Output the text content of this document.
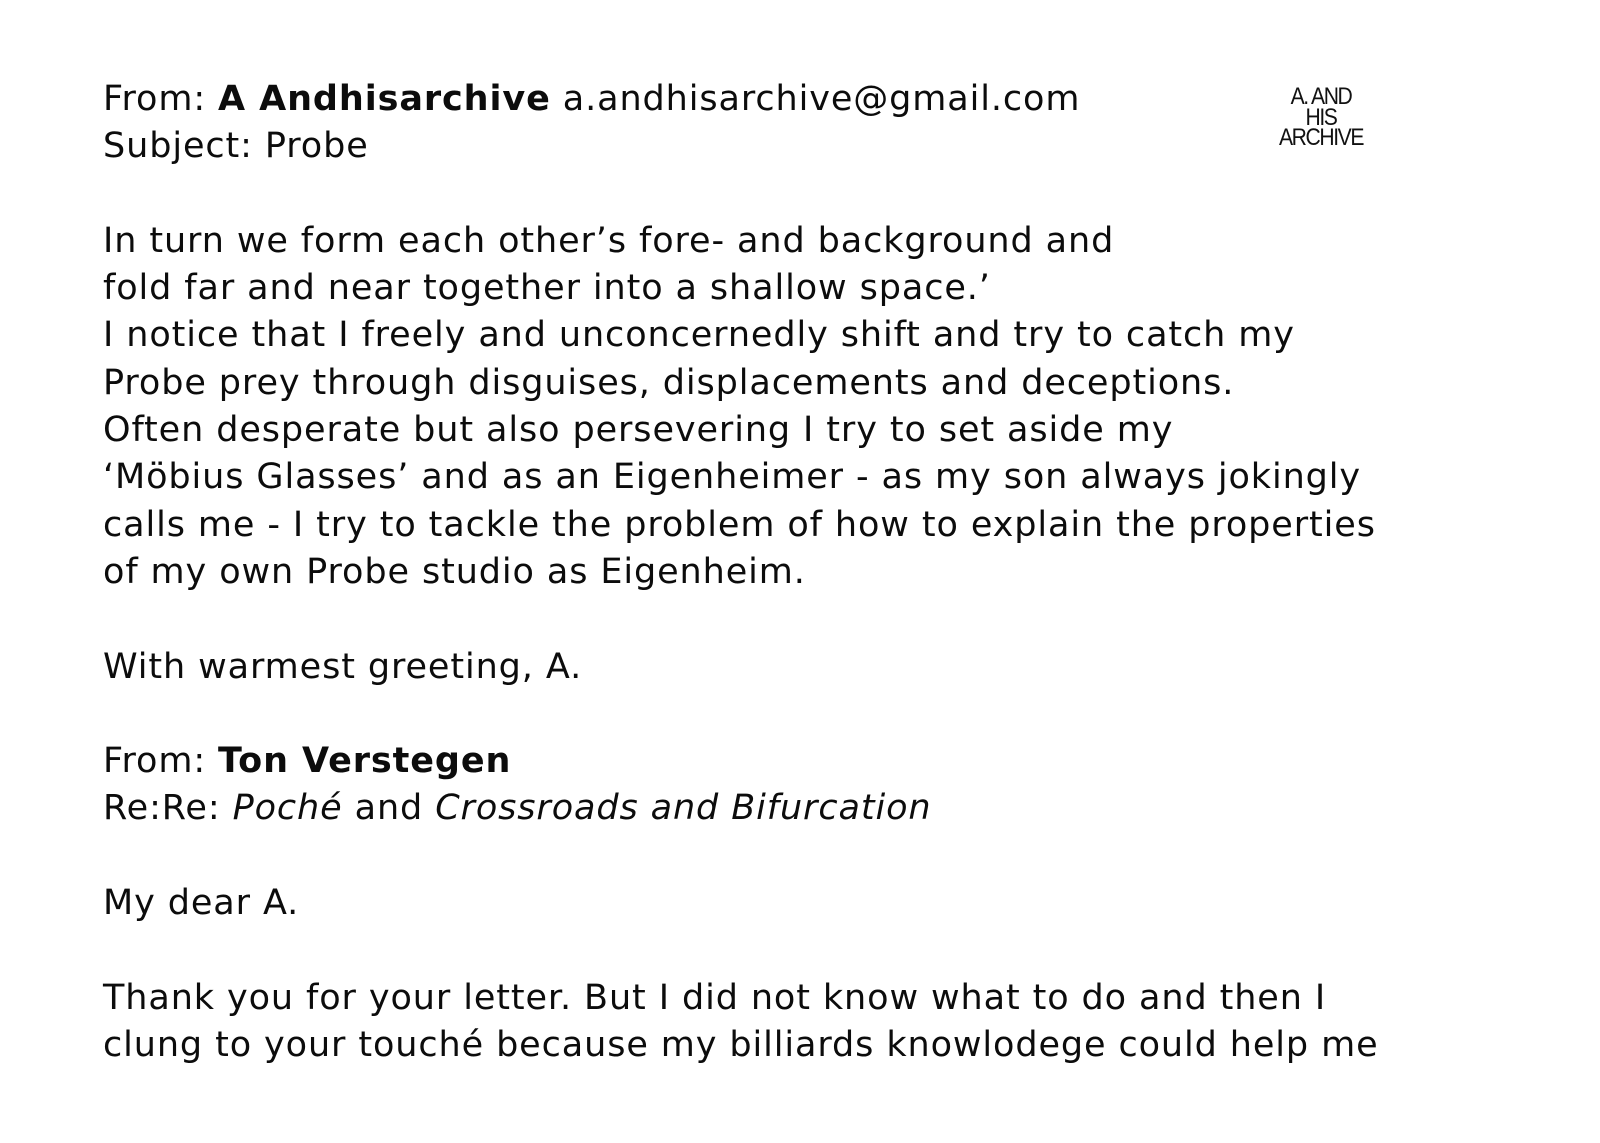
A. AND
HIS
ARCHIVE
From: A Andhisarchive a.andhisarchive@gmail.com
Subject: Probe
In turn we form each other’s fore- and background and
fold far and near together into a shallow space.’
I notice that I freely and unconcernedly shift and try to catch my
Probe prey through disguises, displacements and deceptions.
Often desperate but also persevering I try to set aside my
‘Möbius Glasses’ and as an Eigenheimer - as my son always jokingly
calls me - I try to tackle the problem of how to explain the properties
of my own Probe studio as Eigenheim.
With warmest greeting, A.
From: Ton Verstegen
Re:Re: Poché and Crossroads and Bifurcation
My dear A.
Thank you for your letter. But I did not know what to do and then I
clung to your touché because my billiards knowlodege could help me
